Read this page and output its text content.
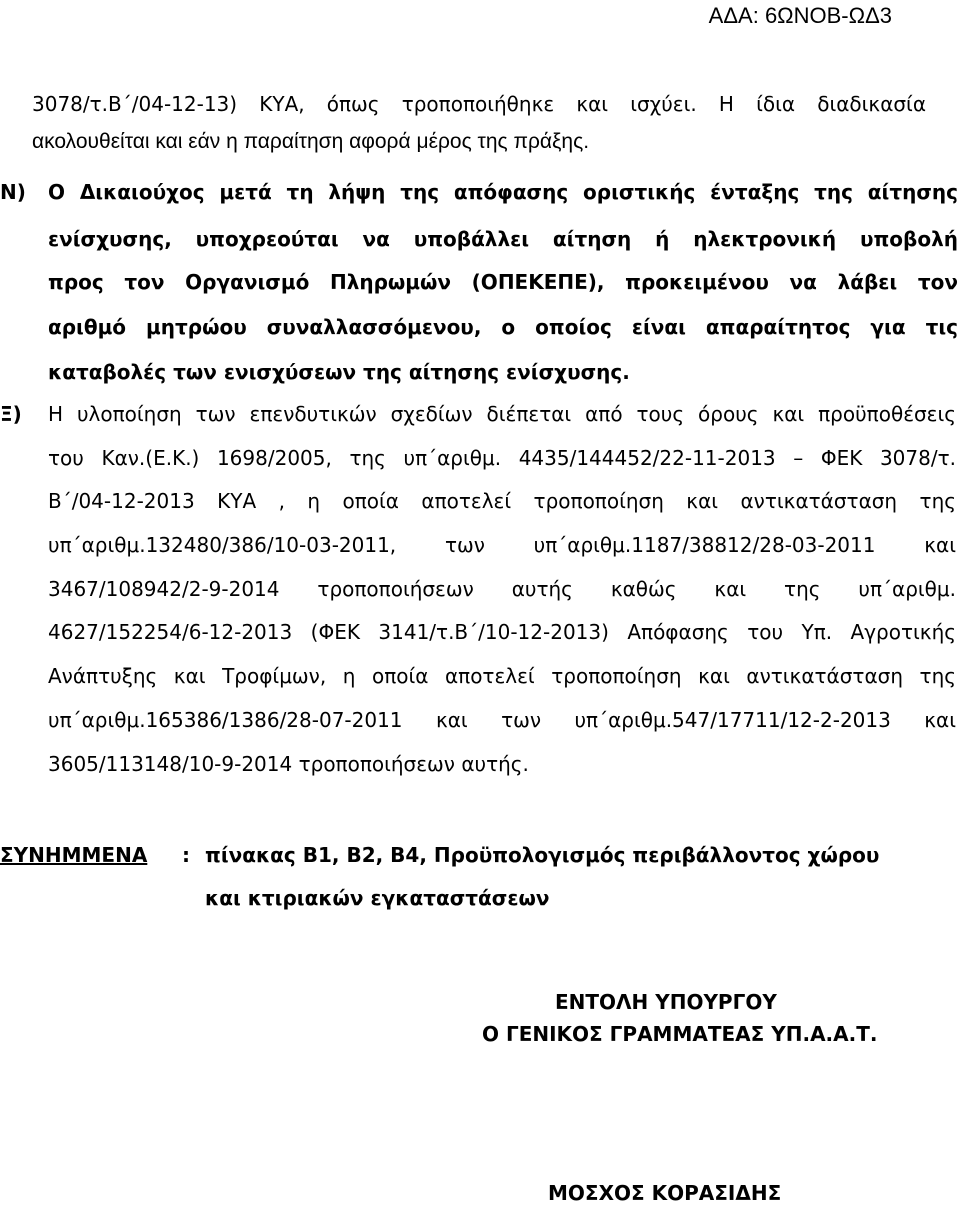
ΑΔΑ: 6ΩΝΟΒ-ΩΔ3

3078/τ.Β΄/04-12-13) ΚΥΑ, όπως τροποποιήθηκε και ισχύει. Η ίδια διαδικασία

ακολουθείται και εάν η παραίτηση αφορά μέρος της πράξης.

Ν) Ο Δικαιούχος μετά τη λήψη της απόφασης οριστικής ένταξης της αίτησης

ενίσχυσης, υποχρεούται να υποβάλλει αίτηση ή ηλεκτρονική υποβολή

προς τον Οργανισμό Πληρωμών (ΟΠΕΚΕΠΕ), προκειμένου να λάβει τον

αριθμό μητρώου συναλλασσόμενου, ο οποίος είναι απαραίτητος για τις

καταβολές των ενισχύσεων της αίτησης ενίσχυσης.

Ξ) Η υλοποίηση των επενδυτικών σχεδίων διέπεται από τους όρους και προϋποθέσεις

του Καν.(Ε.Κ.) 1698/2005, της υπ΄αριθμ. 4435/144452/22-11-2013 – ΦΕΚ 3078/τ.

Β΄/04-12-2013 ΚΥΑ , η οποία αποτελεί τροποποίηση και αντικατάσταση της

υπ΄αριθμ.132480/386/10-03-2011, των υπ΄αριθμ.1187/38812/28-03-2011 και

3467/108942/2-9-2014 τροποποιήσεων αυτής καθώς και της υπ΄αριθμ.

4627/152254/6-12-2013 (ΦΕΚ 3141/τ.Β΄/10-12-2013) Απόφασης του Υπ. Αγροτικής

Ανάπτυξης και Τροφίμων, η οποία αποτελεί τροποποίηση και αντικατάσταση της

υπ΄αριθμ.165386/1386/28-07-2011 και των υπ΄αριθμ.547/17711/12-2-2013 και

3605/113148/10-9-2014 τροποποιήσεων αυτής.

ΣΥΝΗΜΜΕΝΑ : πίνακας Β1, Β2, Β4, Προϋπολογισμός περιβάλλοντος χώρου
και κτιριακών εγκαταστάσεων

ΕΝΤΟΛΗ ΥΠΟΥΡΓΟΥ

Ο ΓΕΝΙΚΟΣ ΓΡΑΜΜΑΤΕΑΣ ΥΠ.Α.Α.Τ.

ΜΟΣΧΟΣ ΚΟΡΑΣΙΔΗΣ
